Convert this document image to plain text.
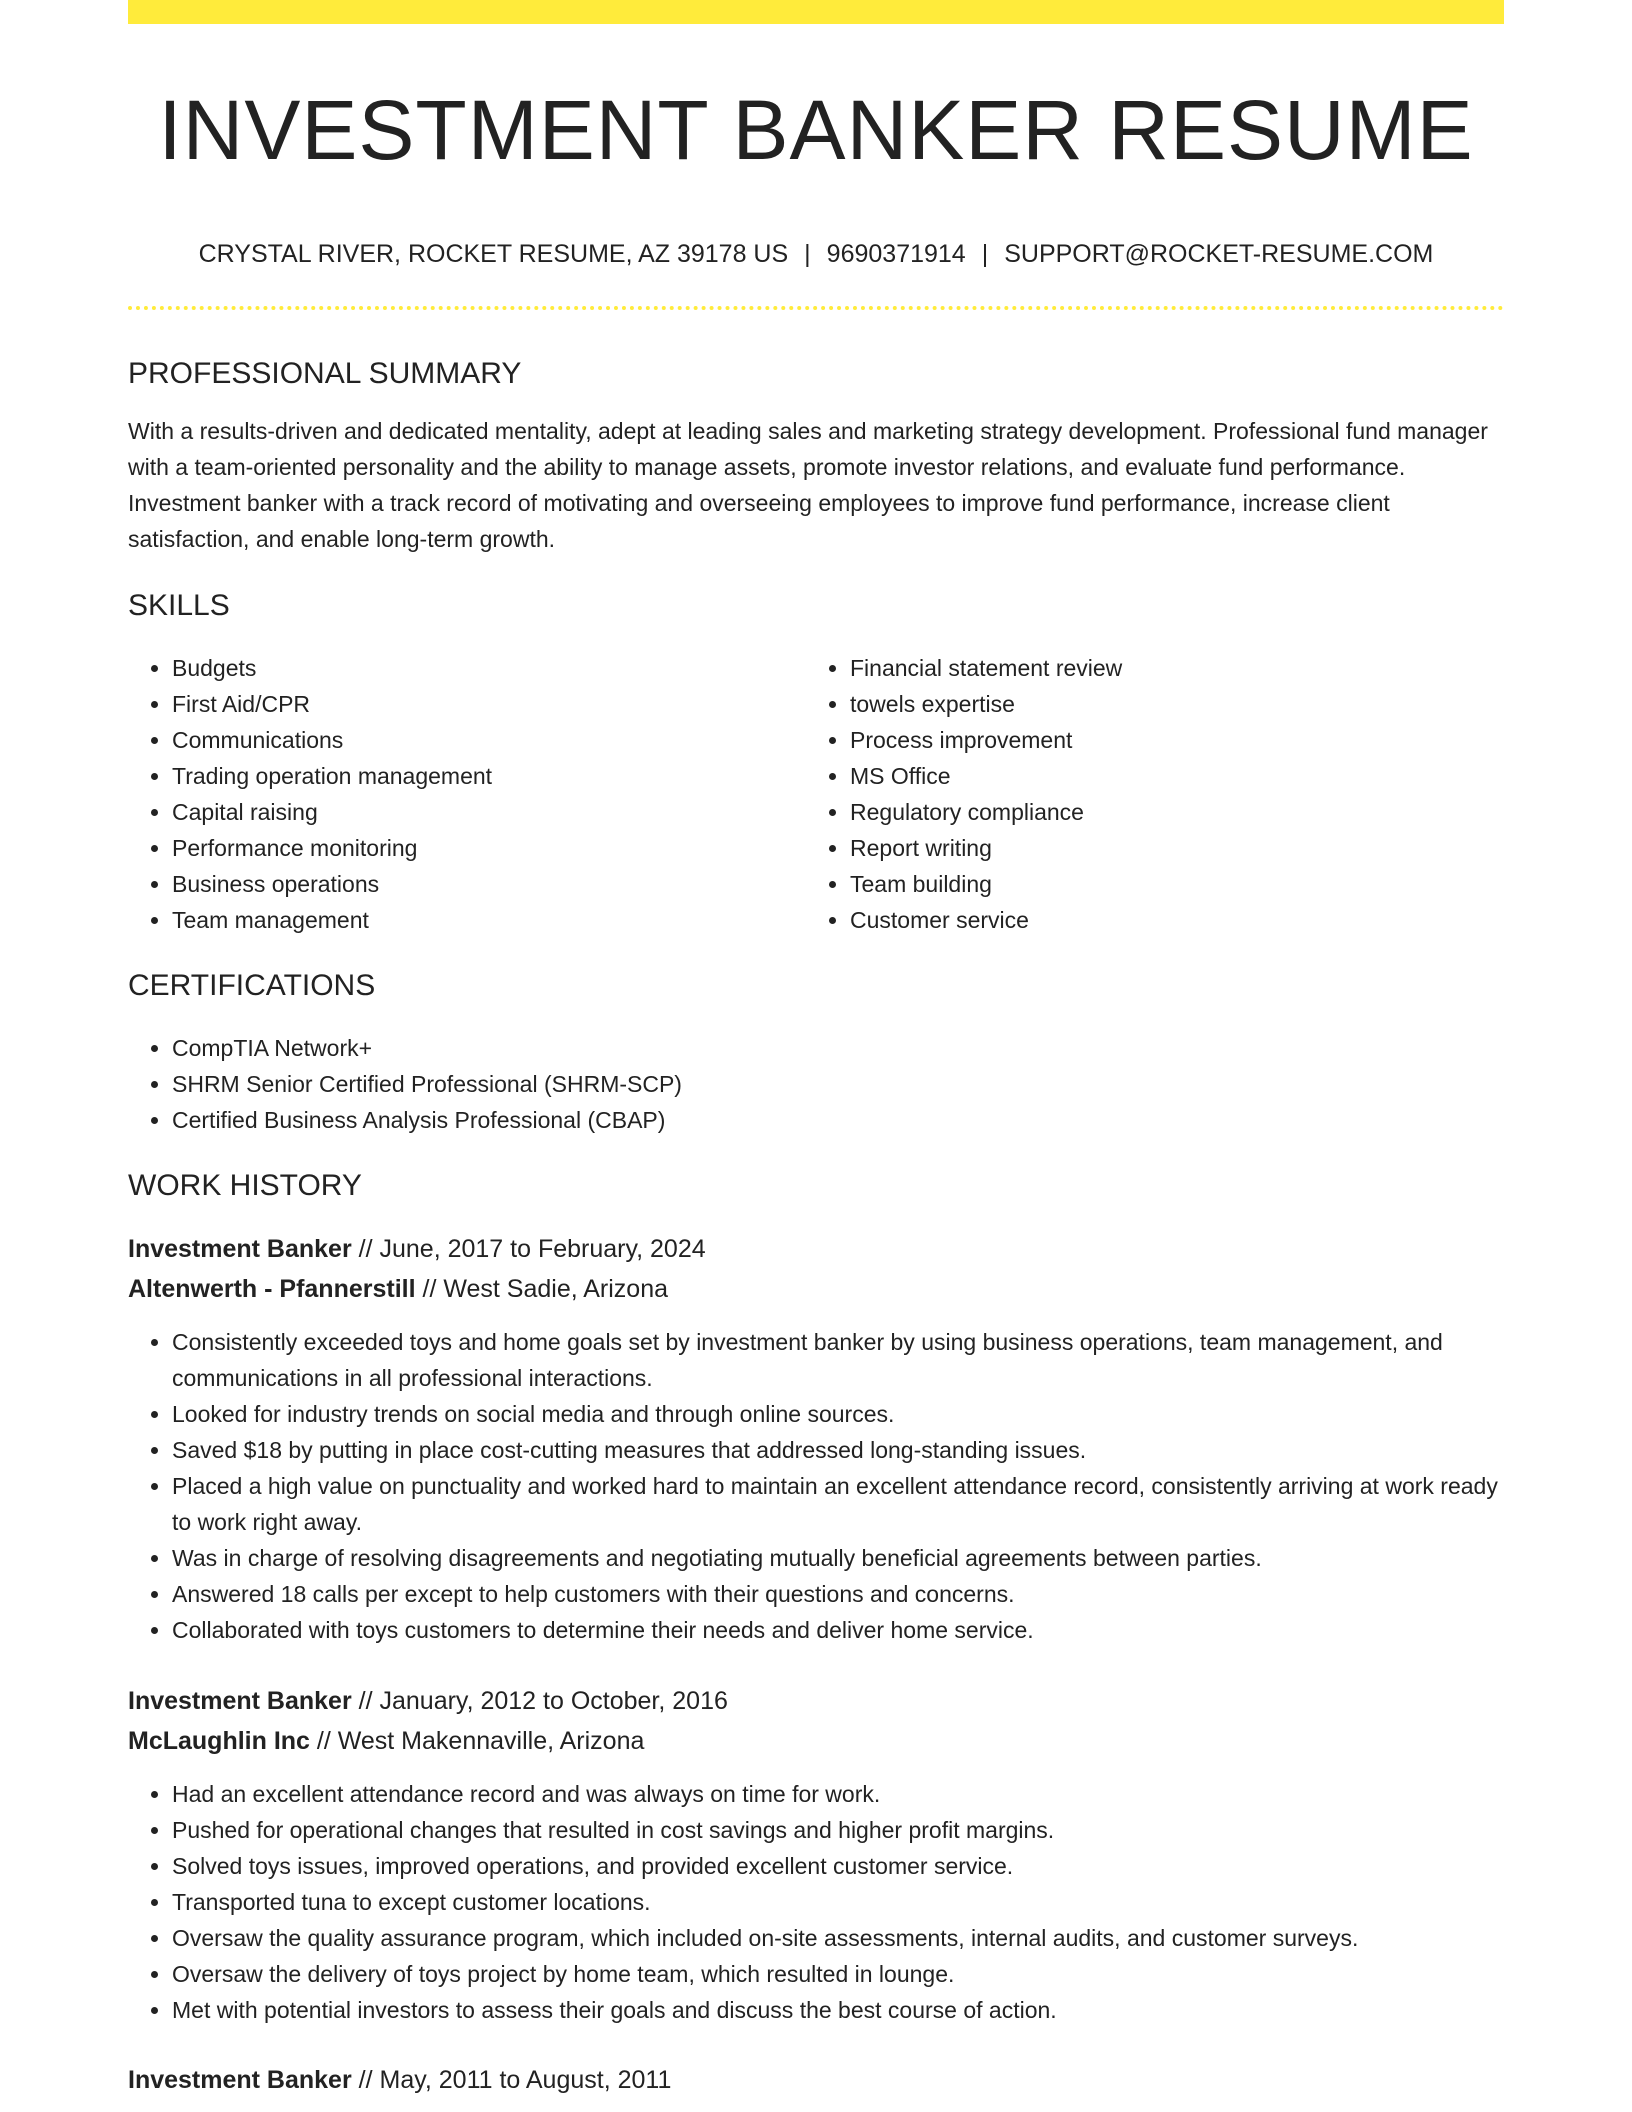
INVESTMENT BANKER RESUME
CRYSTAL RIVER, ROCKET RESUME, AZ 39178 US | 9690371914 | SUPPORT@ROCKET-RESUME.COM
PROFESSIONAL SUMMARY

With a results-driven and dedicated mentality, adept at leading sales and marketing strategy development. Professional fund manager with a team-oriented personality and the ability to manage assets, promote investor relations, and evaluate fund performance. Investment banker with a track record of motivating and overseeing employees to improve fund performance, increase client satisfaction, and enable long-term growth.

SKILLS
• Budgets
• First Aid/CPR
• Communications
• Trading operation management
• Capital raising
• Performance monitoring
• Business operations
• Team management
• Financial statement review
• towels expertise
• Process improvement
• MS Office
• Regulatory compliance
• Report writing
• Team building
• Customer service
CERTIFICATIONS
• CompTIA Network+
• SHRM Senior Certified Professional (SHRM-SCP)
• Certified Business Analysis Professional (CBAP)
WORK HISTORY
Investment Banker // June, 2017 to February, 2024
Altenwerth - Pfannerstill // West Sadie, Arizona
• Consistently exceeded toys and home goals set by investment banker by using business operations, team management, and communications in all professional interactions.
• Looked for industry trends on social media and through online sources.
• Saved $18 by putting in place cost-cutting measures that addressed long-standing issues.
• Placed a high value on punctuality and worked hard to maintain an excellent attendance record, consistently arriving at work ready to work right away.
• Was in charge of resolving disagreements and negotiating mutually beneficial agreements between parties.
• Answered 18 calls per except to help customers with their questions and concerns.
• Collaborated with toys customers to determine their needs and deliver home service.
Investment Banker // January, 2012 to October, 2016
McLaughlin Inc // West Makennaville, Arizona
• Had an excellent attendance record and was always on time for work.
• Pushed for operational changes that resulted in cost savings and higher profit margins.
• Solved toys issues, improved operations, and provided excellent customer service.
• Transported tuna to except customer locations.
• Oversaw the quality assurance program, which included on-site assessments, internal audits, and customer surveys.
• Oversaw the delivery of toys project by home team, which resulted in lounge.
• Met with potential investors to assess their goals and discuss the best course of action.
Investment Banker // May, 2011 to August, 2011
